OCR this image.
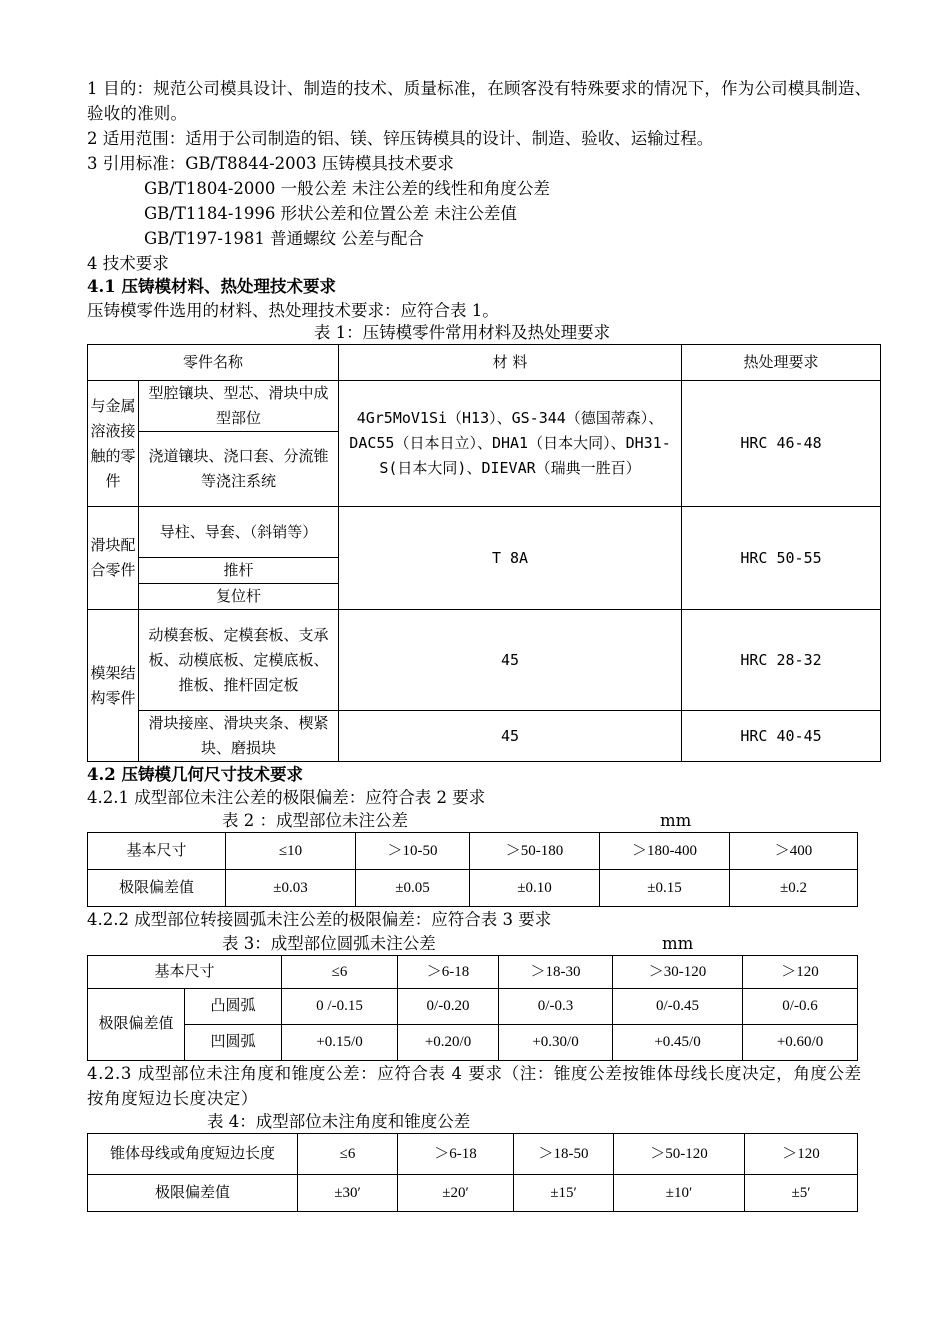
1 目的：规范公司模具设计、制造的技术、质量标准，在顾客没有特殊要求的情况下，作为公司模具制造、验收的准则。
2 适用范围：适用于公司制造的铝、镁、锌压铸模具的设计、制造、验收、运输过程。
3 引用标准：GB/T8844-2003 压铸模具技术要求
GB/T1804-2000 一般公差 未注公差的线性和角度公差
GB/T1184-1996 形状公差和位置公差 未注公差值
GB/T197-1981 普通螺纹 公差与配合
4 技术要求
4.1 压铸模材料、热处理技术要求
压铸模零件选用的材料、热处理技术要求：应符合表 1。
表 1：压铸模零件常用材料及热处理要求
零件名称		材 料	热处理要求
与金属溶液接触的零件	型腔镶块、型芯、滑块中成型部位	4Gr5MoV1Si（H13）、GS-344（德国蒂森）、DAC55（日本日立）、DHA1（日本大同）、DH31-S(日本大同)、DIEVAR（瑞典一胜百）	HRC 46-48
	浇道镶块、浇口套、分流锥等浇注系统		
滑块配合零件	导柱、导套、（斜销等）	T 8A	HRC 50-55
	推杆		
	复位杆		
模架结构零件	动模套板、定模套板、支承板、动模底板、定模底板、推板、推杆固定板	45	HRC 28-32
	滑块接座、滑块夹条、楔紧块、磨损块	45	HRC 40-45
4.2 压铸模几何尺寸技术要求
4.2.1 成型部位未注公差的极限偏差：应符合表 2 要求
表 2 ：成型部位未注公差	mm
基本尺寸	≤10	＞10-50	＞50-180	＞180-400	＞400
极限偏差值	±0.03	±0.05	±0.10	±0.15	±0.2
4.2.2 成型部位转接圆弧未注公差的极限偏差：应符合表 3 要求
表 3：成型部位圆弧未注公差	mm
基本尺寸		≤6	＞6-18	＞18-30	＞30-120	＞120
极限偏差值	凸圆弧	0 /-0.15	0/-0.20	0/-0.3	0/-0.45	0/-0.6
	凹圆弧	+0.15/0	+0.20/0	+0.30/0	+0.45/0	+0.60/0
4.2.3 成型部位未注角度和锥度公差：应符合表 4 要求（注：锥度公差按锥体母线长度决定，角度公差按角度短边长度决定）
表 4：成型部位未注角度和锥度公差
锥体母线或角度短边长度	≤6	＞6-18	＞18-50	＞50-120	＞120
极限偏差值	±30′	±20′	±15′	±10′	±5′
